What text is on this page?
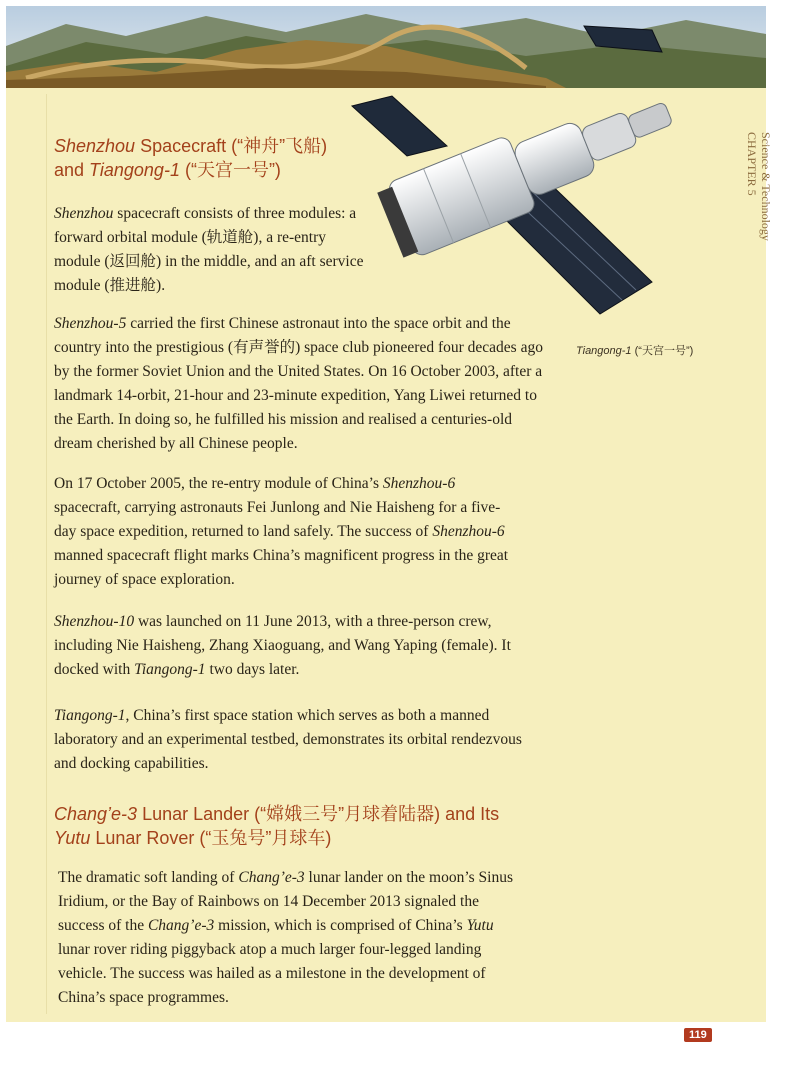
CHAPTER 5 Science & Technology
Shenzhou Spacecraft (“神舟”飞船) and Tiangong-1 (“天宫一号”)

Shenzhou spacecraft consists of three modules: a forward orbital module (轨道舱), a re-entry module (返回舱) in the middle, and an aft service module (推进舱).

Shenzhou-5 carried the first Chinese astronaut into the space orbit and the country into the prestigious (有声誉的) space club pioneered four decades ago by the former Soviet Union and the United States. On 16 October 2003, after a landmark 14-orbit, 21-hour and 23-minute expedition, Yang Liwei returned to the Earth. In doing so, he fulfilled his mission and realised a centuries-old dream cherished by all Chinese people.

Tiangong-1 (“天宫一号”)

On 17 October 2005, the re-entry module of China’s Shenzhou-6 spacecraft, carrying astronauts Fei Junlong and Nie Haisheng for a five-day space expedition, returned to land safely. The success of Shenzhou-6 manned spacecraft flight marks China’s magnificent progress in the great journey of space exploration.

Shenzhou-10 was launched on 11 June 2013, with a three-person crew, including Nie Haisheng, Zhang Xiaoguang, and Wang Yaping (female). It docked with Tiangong-1 two days later.

Tiangong-1, China’s first space station which serves as both a manned laboratory and an experimental testbed, demonstrates its orbital rendezvous and docking capabilities.

Chang’e-3 Lunar Lander (“嫦娥三号”月球着陆器) and Its Yutu Lunar Rover (“玉兔号”月球车)

The dramatic soft landing of Chang’e-3 lunar lander on the moon’s Sinus Iridium, or the Bay of Rainbows on 14 December 2013 signaled the success of the Chang’e-3 mission, which is comprised of China’s Yutu lunar rover riding piggyback atop a much larger four-legged landing vehicle. The success was hailed as a milestone in the development of China’s space programmes.

119
